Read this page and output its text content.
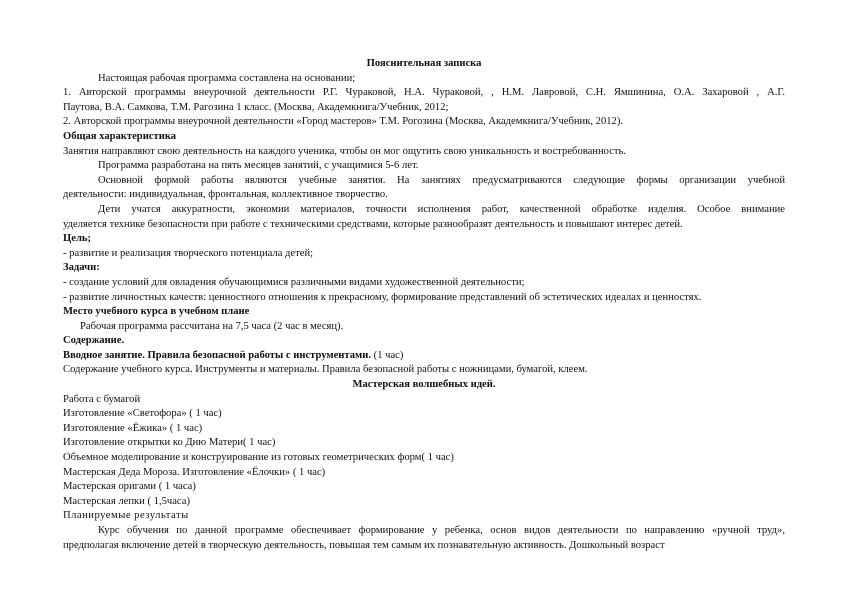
Пояснительная записка
Настоящая рабочая программа составлена на основании;
1. Авторской программы внеурочной деятельности Р.Г. Чураковой, Н.А. Чураковой, , Н.М. Лавровой, С.Н. Ямшинина, О.А. Захаровой , А.Г.
Паутова, В.А. Самкова, Т.М. Рагозина 1 класс. (Москва, Академкнига/Учебник, 2012;
2. Авторской программы внеурочной деятельности «Город мастеров» Т.М. Рогозина (Москва, Академкнига/Учебник, 2012).
Общая характеристика
Занятия направляют свою деятельность на каждого ученика, чтобы он мог ощутить свою уникальность и востребованность.
Программа разработана на пять месяцев занятий, с учащимися 5-6 лет.
Основной формой работы являются учебные занятия. На занятиях предусматриваются следующие формы организации учебной
деятельности: индивидуальная, фронтальная, коллективное творчество.
Дети учатся аккуратности, экономии материалов, точности исполнения работ, качественной обработке изделия. Особое внимание
уделяется технике безопасности при работе с техническими средствами, которые разнообразят деятельность и повышают интерес детей.
Цель;
- развитие и реализация творческого потенциала детей;
Задачи:
- создание условий для овладения обучающимися различными видами художественной деятельности;
- развитие личностных качеств: ценностного отношения к прекрасному, формирование представлений об эстетических идеалах и ценностях.
Место учебного курса в учебном плане
Рабочая программа рассчитана на 7,5 часа (2 час в месяц).
Содержание.
Вводное занятие. Правила безопасной работы с инструментами. (1 час)
Содержание учебного курса. Инструменты и материалы. Правила безопасной работы с ножницами, бумагой, клеем.
Мастерская волшебных идей.
Работа с бумагой
Изготовление «Светофора» ( 1 час)
Изготовление «Ёжика» ( 1 час)
Изготовление открытки ко Дню Матери( 1 час)
Объемное моделирование и конструирование из готовых геометрических форм( 1 час)
Мастерская Деда Мороза. Изготовление «Ёлочки» ( 1 час)
Мастерская оригами ( 1 часа)
Мастерская лепки ( 1,5часа)
Планируемые результаты
Курс обучения по данной программе обеспечивает формирование у ребенка, основ видов деятельности по направлению «ручной труд»,
предполагая включение детей в творческую деятельность, повышая тем самым их познавательную активность. Дошкольный возраст
